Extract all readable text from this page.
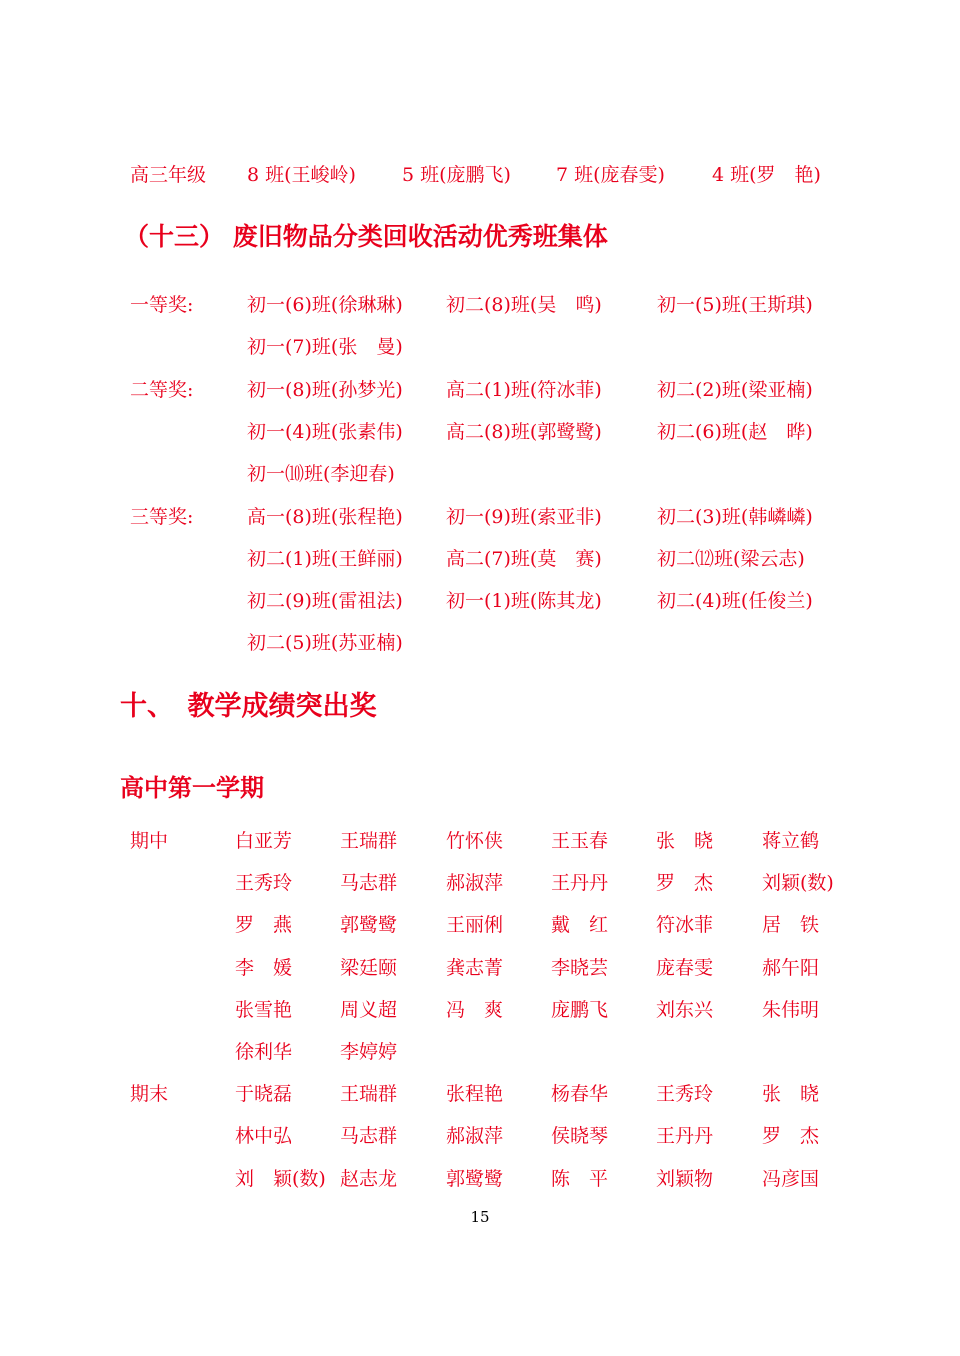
高三年级 8 班(王峻岭) 5 班(庞鹏飞) 7 班(庞春雯) 4 班(罗　艳)
（十三） 废旧物品分类回收活动优秀班集体
一等奖:	初一(6)班(徐琳琳) 初二(8)班(吴　鸣)	初一(5)班(王斯琪)
初一(7)班(张　曼)
二等奖:	初一(8)班(孙梦光) 高二(1)班(符冰菲)	初二(2)班(梁亚楠)
初一(4)班(张素伟) 高二(8)班(郭鹭鹭)	初二(6)班(赵　晔)
初一⑽班(李迎春)
三等奖:	高一(8)班(张程艳) 初一(9)班(索亚非)	初二(3)班(韩嶙嶙)
初二(1)班(王鲜丽) 高二(7)班(莫　赛)	初二⑿班(梁云志)
初二(9)班(雷祖法) 初一(1)班(陈其龙)	初二(4)班(任俊兰)
初二(5)班(苏亚楠)
十、　教学成绩突出奖
高中第一学期
期中	白亚芳	王瑞群	竹怀侠	王玉春	张　晓	蒋立鹤
王秀玲	马志群	郝淑萍	王丹丹	罗　杰	刘颖(数)
罗　燕	郭鹭鹭	王丽俐	戴　红	符冰菲	居　铁
李　媛	梁廷颐	龚志菁	李晓芸	庞春雯	郝午阳
张雪艳	周义超	冯　爽	庞鹏飞	刘东兴	朱伟明
徐利华	李婷婷
期末	于晓磊	王瑞群	张程艳	杨春华	王秀玲	张　晓
林中弘	马志群	郝淑萍	侯晓琴	王丹丹	罗　杰
刘　颖(数) 赵志龙	郭鹭鹭	陈　平	刘颖物	冯彦国
15
